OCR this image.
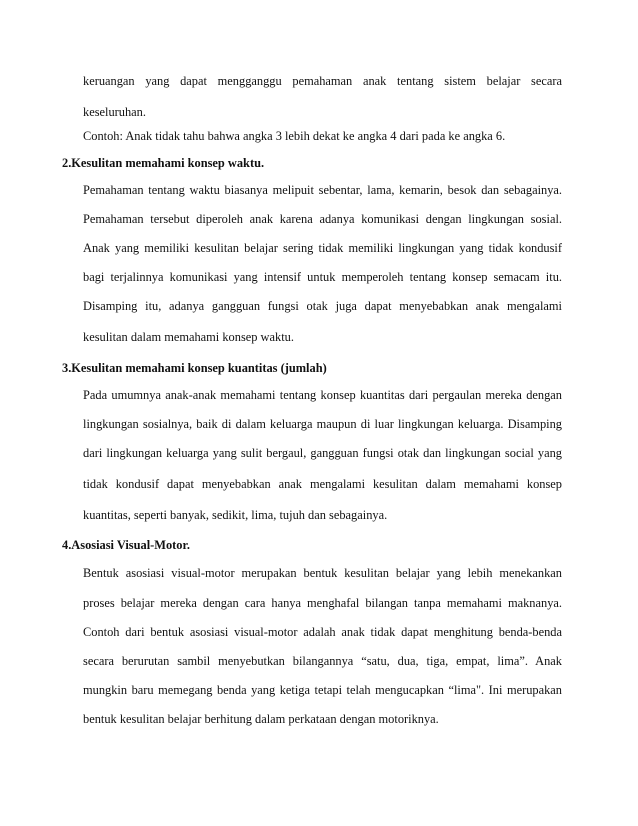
keruangan yang dapat mengganggu pemahaman anak tentang sistem belajar secara
keseluruhan.
Contoh: Anak tidak tahu bahwa angka 3 lebih dekat ke angka 4 dari pada ke angka 6.
2.Kesulitan memahami konsep waktu.
Pemahaman tentang waktu biasanya melipuit sebentar, lama, kemarin, besok dan sebagainya.
Pemahaman tersebut diperoleh anak karena adanya komunikasi dengan lingkungan sosial.
Anak yang memiliki kesulitan belajar sering tidak memiliki lingkungan yang tidak kondusif
bagi terjalinnya komunikasi yang intensif untuk memperoleh tentang konsep semacam itu.
Disamping itu, adanya gangguan fungsi otak juga dapat menyebabkan anak mengalami
kesulitan dalam memahami konsep waktu.
3.Kesulitan memahami konsep kuantitas (jumlah)
Pada umumnya anak-anak memahami tentang konsep kuantitas dari pergaulan mereka dengan
lingkungan sosialnya, baik di dalam keluarga maupun di luar lingkungan keluarga. Disamping
dari lingkungan keluarga yang sulit bergaul, gangguan fungsi otak dan lingkungan social yang
tidak kondusif dapat menyebabkan anak mengalami kesulitan dalam memahami konsep
kuantitas, seperti banyak, sedikit, lima, tujuh dan sebagainya.
4.Asosiasi Visual-Motor.
Bentuk asosiasi visual-motor merupakan bentuk kesulitan belajar yang lebih menekankan
proses belajar mereka dengan cara hanya menghafal bilangan tanpa memahami maknanya.
Contoh dari bentuk asosiasi visual-motor adalah anak tidak dapat menghitung benda-benda
secara berurutan sambil menyebutkan bilangannya “satu, dua, tiga, empat, lima”. Anak
mungkin baru memegang benda yang ketiga tetapi telah mengucapkan “lima". Ini merupakan
bentuk kesulitan belajar berhitung dalam perkataan dengan motoriknya.
